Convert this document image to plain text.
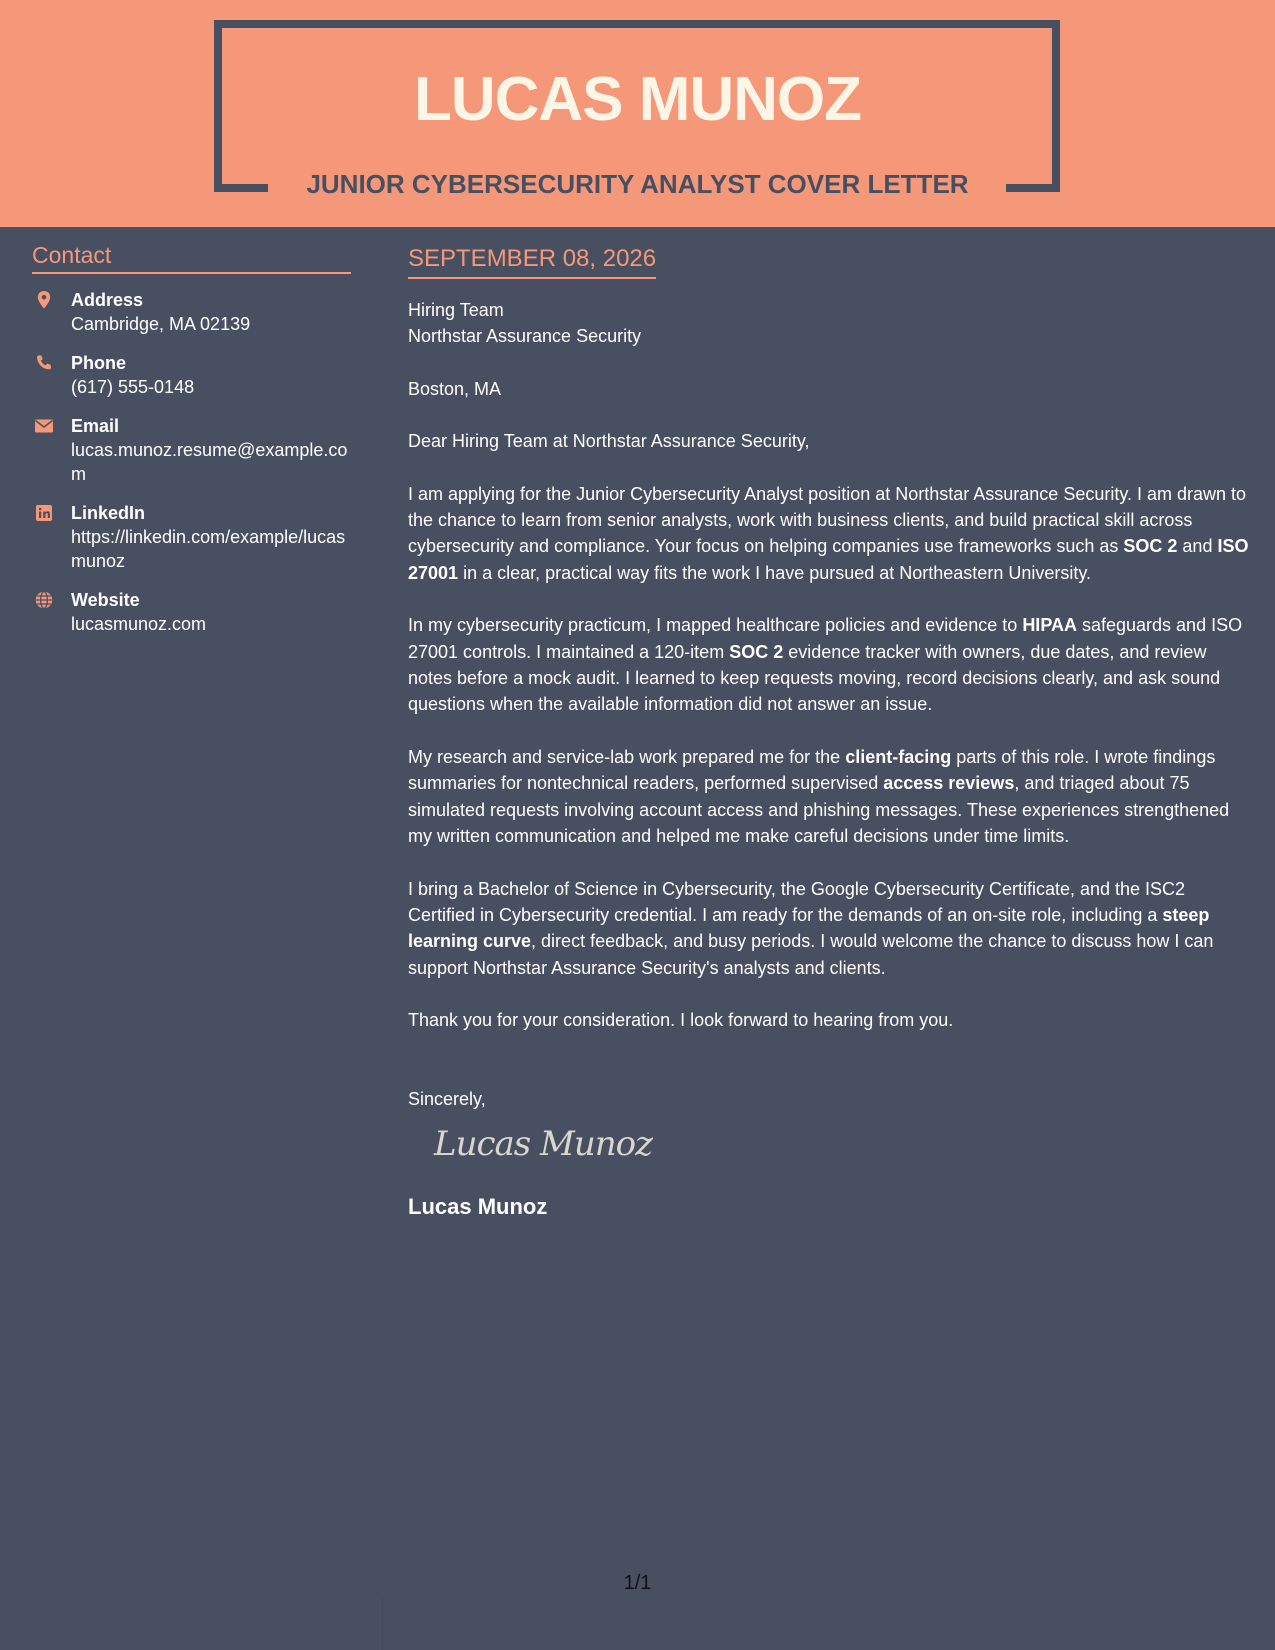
LUCAS MUNOZ
JUNIOR CYBERSECURITY ANALYST COVER LETTER
Contact
Address
Cambridge, MA 02139
Phone
(617) 555-0148
Email
lucas.munoz.resume@example.com
LinkedIn
https://linkedin.com/example/lucasmunoz
Website
lucasmunoz.com
SEPTEMBER 08, 2026

Hiring Team

Northstar Assurance Security

Boston, MA

Dear Hiring Team at Northstar Assurance Security,

I am applying for the Junior Cybersecurity Analyst position at Northstar Assurance Security. I am drawn to the chance to learn from senior analysts, work with business clients, and build practical skill across cybersecurity and compliance. Your focus on helping companies use frameworks such as SOC 2 and ISO 27001 in a clear, practical way fits the work I have pursued at Northeastern University.

In my cybersecurity practicum, I mapped healthcare policies and evidence to HIPAA safeguards and ISO 27001 controls. I maintained a 120-item SOC 2 evidence tracker with owners, due dates, and review notes before a mock audit. I learned to keep requests moving, record decisions clearly, and ask sound questions when the available information did not answer an issue.

My research and service-lab work prepared me for the client-facing parts of this role. I wrote findings summaries for nontechnical readers, performed supervised access reviews, and triaged about 75 simulated requests involving account access and phishing messages. These experiences strengthened my written communication and helped me make careful decisions under time limits.

I bring a Bachelor of Science in Cybersecurity, the Google Cybersecurity Certificate, and the ISC2 Certified in Cybersecurity credential. I am ready for the demands of an on-site role, including a steep learning curve, direct feedback, and busy periods. I would welcome the chance to discuss how I can support Northstar Assurance Security's analysts and clients.

Thank you for your consideration. I look forward to hearing from you.

Sincerely,

Lucas Munoz
Lucas Munoz
1/1
